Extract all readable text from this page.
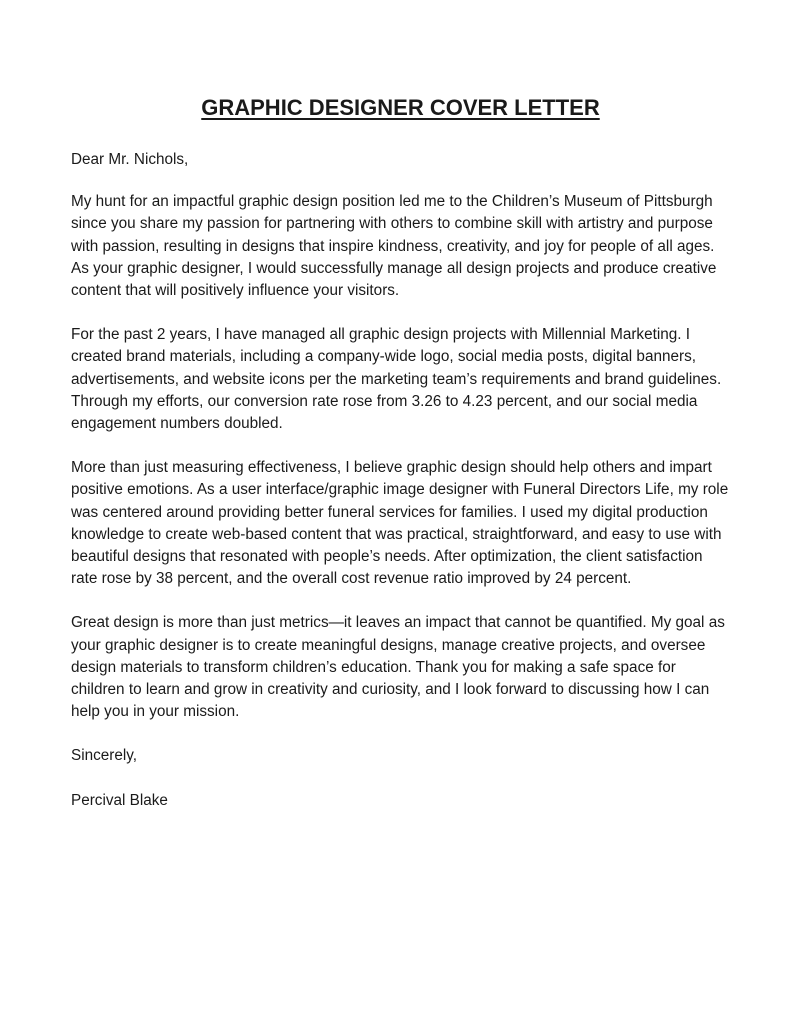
GRAPHIC DESIGNER COVER LETTER

Dear Mr. Nichols,

My hunt for an impactful graphic design position led me to the Children’s Museum of Pittsburgh since you share my passion for partnering with others to combine skill with artistry and purpose with passion, resulting in designs that inspire kindness, creativity, and joy for people of all ages. As your graphic designer, I would successfully manage all design projects and produce creative content that will positively influence your visitors.

For the past 2 years, I have managed all graphic design projects with Millennial Marketing. I created brand materials, including a company-wide logo, social media posts, digital banners, advertisements, and website icons per the marketing team’s requirements and brand guidelines. Through my efforts, our conversion rate rose from 3.26 to 4.23 percent, and our social media engagement numbers doubled.

More than just measuring effectiveness, I believe graphic design should help others and impart positive emotions. As a user interface/graphic image designer with Funeral Directors Life, my role was centered around providing better funeral services for families. I used my digital production knowledge to create web-based content that was practical, straightforward, and easy to use with beautiful designs that resonated with people’s needs. After optimization, the client satisfaction rate rose by 38 percent, and the overall cost revenue ratio improved by 24 percent.

Great design is more than just metrics—it leaves an impact that cannot be quantified. My goal as your graphic designer is to create meaningful designs, manage creative projects, and oversee design materials to transform children’s education. Thank you for making a safe space for children to learn and grow in creativity and curiosity, and I look forward to discussing how I can help you in your mission.

Sincerely,

Percival Blake
